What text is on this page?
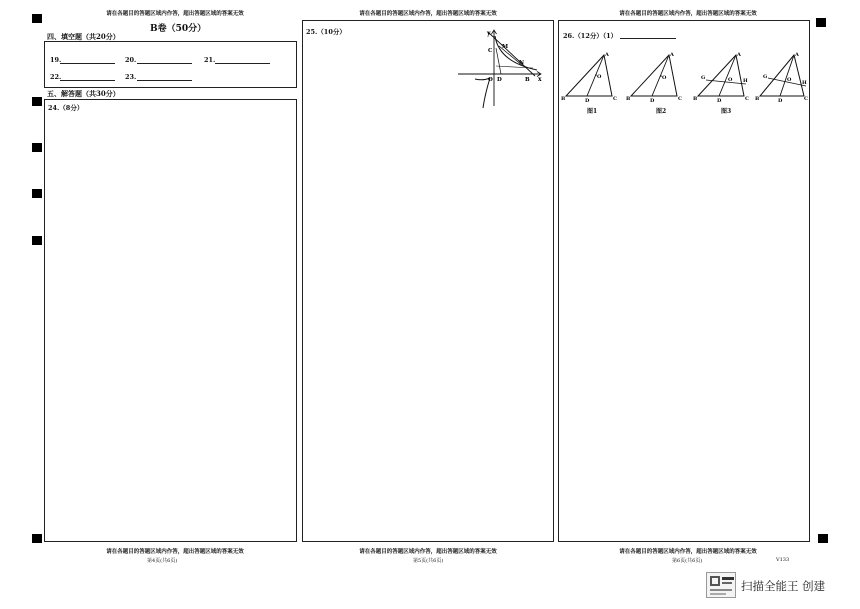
请在各题目的答题区域内作答，超出答题区域的答案无效	请在各题目的答题区域内作答，超出答题区域的答案无效	请在各题目的答题区域内作答，超出答题区域的答案无效
B卷（50分）
四、填空题（共20分）
19.	20.	21.
22.	23.
五、解答题（共30分）
24.（8分）
请在各题目的答题区域内作答，超出答题区域的答案无效
第4页(共6页)
25.（10分）	y
C
M
N
O D	B x
请在各题目的答题区域内作答，超出答题区域的答案无效
第5页(共6页)
26.（12分）（1）
A
B	C
D
O
图1
A
B	C
D
O
图2
A
B	C
D
G	H
O
A
B	C
D
G
H
O
图3
请在各题目的答题区域内作答，超出答题区域的答案无效
第6页(共6页)	V133
扫描全能王 创建
